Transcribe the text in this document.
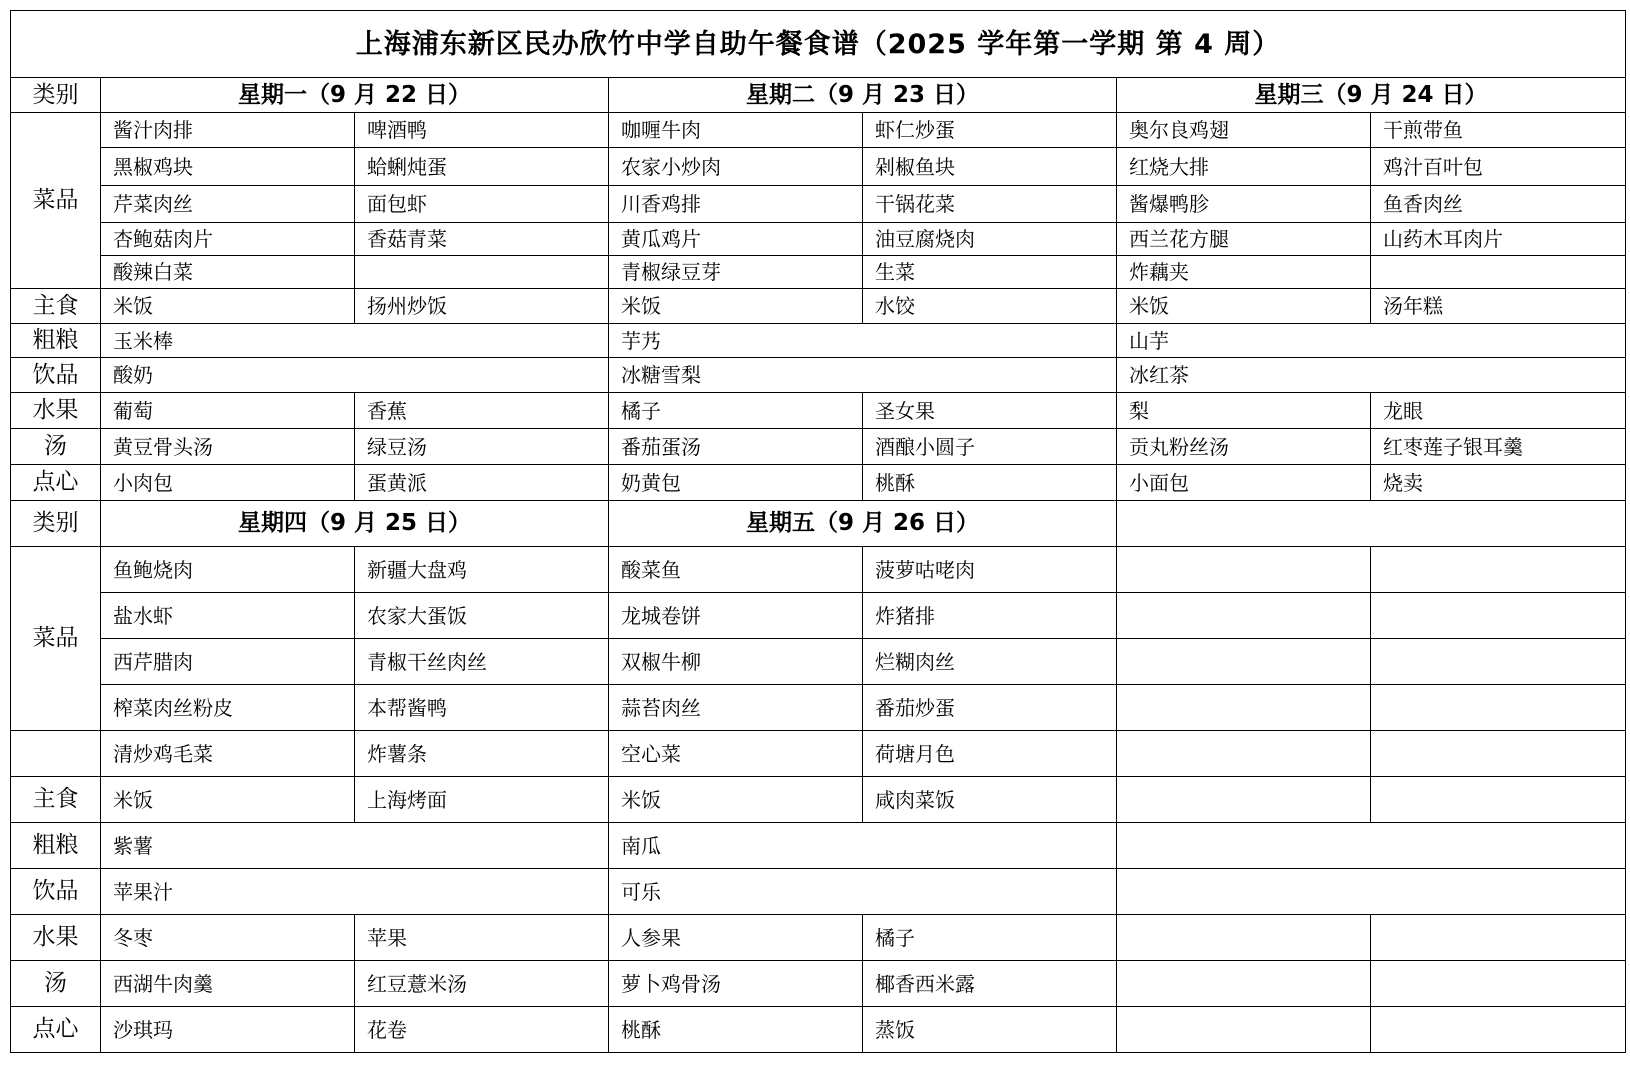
上海浦东新区民办欣竹中学自助午餐食谱（2025 学年第一学期 第 4 周）						
类别	星期一（9 月 22 日）		星期二（9 月 23 日）		星期三（9 月 24 日）	
菜品	酱汁肉排	啤酒鸭	咖喱牛肉	虾仁炒蛋	奥尔良鸡翅	干煎带鱼
	黑椒鸡块	蛤蜊炖蛋	农家小炒肉	剁椒鱼块	红烧大排	鸡汁百叶包
	芹菜肉丝	面包虾	川香鸡排	干锅花菜	酱爆鸭胗	鱼香肉丝
	杏鲍菇肉片	香菇青菜	黄瓜鸡片	油豆腐烧肉	西兰花方腿	山药木耳肉片
	酸辣白菜		青椒绿豆芽	生菜	炸藕夹	
主食	米饭	扬州炒饭	米饭	水饺	米饭	汤年糕
粗粮	玉米棒		芋艿		山芋	
饮品	酸奶		冰糖雪梨		冰红茶	
水果	葡萄	香蕉	橘子	圣女果	梨	龙眼
汤	黄豆骨头汤	绿豆汤	番茄蛋汤	酒酿小圆子	贡丸粉丝汤	红枣莲子银耳羹
点心	小肉包	蛋黄派	奶黄包	桃酥	小面包	烧卖
类别	星期四（9 月 25 日）		星期五（9 月 26 日）			
菜品	鱼鲍烧肉	新疆大盘鸡	酸菜鱼	菠萝咕咾肉		
	盐水虾	农家大蛋饭	龙城卷饼	炸猪排		
	西芹腊肉	青椒干丝肉丝	双椒牛柳	烂糊肉丝		
	榨菜肉丝粉皮	本帮酱鸭	蒜苔肉丝	番茄炒蛋		
	清炒鸡毛菜	炸薯条	空心菜	荷塘月色		
主食	米饭	上海烤面	米饭	咸肉菜饭		
粗粮	紫薯		南瓜			
饮品	苹果汁		可乐			
水果	冬枣	苹果	人参果	橘子		
汤	西湖牛肉羹	红豆薏米汤	萝卜鸡骨汤	椰香西米露		
点心	沙琪玛	花卷	桃酥	蒸饭		
